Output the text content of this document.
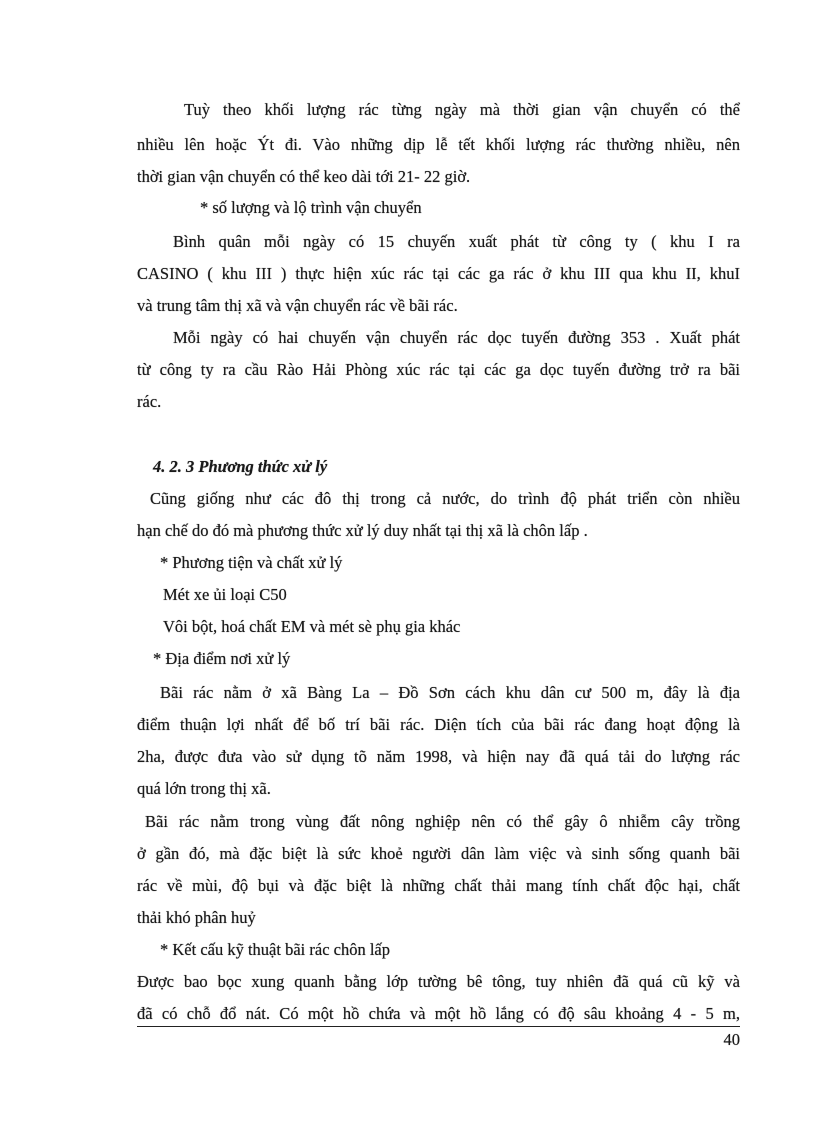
Tuỳ theo khối lượng rác từng ngày mà thời gian vận chuyển có thể
nhiều lên hoặc Ýt đi. Vào những dịp lễ tết khối lượng rác thường nhiều, nên
thời gian vận chuyển có thể keo dài tới 21- 22 giờ.
* số lượng và lộ trình vận chuyển
Bình quân mỗi ngày có 15 chuyến xuất phát từ công ty ( khu I ra
CASINO ( khu III ) thực hiện xúc rác tại các ga rác ở khu III qua khu II, khuI
và trung tâm thị xã và vận chuyển rác về bãi rác.
Mỗi ngày có hai chuyến vận chuyển rác dọc tuyến đường 353 . Xuất phát
từ công ty ra cầu Rào Hải Phòng xúc rác tại các ga dọc tuyến đường trở ra bãi
rác.
4. 2. 3 Phương thức xử lý
Cũng giống như các đô thị trong cả nước, do trình độ phát triển còn nhiều
hạn chế do đó mà phương thức xử lý duy nhất tại thị xã là chôn lấp .
* Phương tiện và chất xử lý
Mét xe ủi loại C50
Vôi bột, hoá chất EM và mét sè phụ gia khác
* Địa điểm nơi xử lý
Bãi rác nằm ở xã Bàng La – Đồ Sơn cách khu dân cư 500 m, đây là địa
điểm thuận lợi nhất để bố trí bãi rác. Diện tích của bãi rác đang hoạt động là
2ha, được đưa vào sử dụng tõ năm 1998, và hiện nay đã quá tải do lượng rác
quá lớn trong thị xã.
Bãi rác nằm trong vùng đất nông nghiệp nên có thể gây ô nhiễm cây trồng
ở gần đó, mà đặc biệt là sức khoẻ người dân làm việc và sinh sống quanh bãi
rác về mùi, độ bụi và đặc biệt là những chất thải mang tính chất độc hại, chất
thải khó phân huỷ
* Kết cấu kỹ thuật bãi rác chôn lấp
Được bao bọc xung quanh bằng lớp tường bê tông, tuy nhiên đã quá cũ kỹ và
đã có chỗ đổ nát. Có một hồ chứa và một hồ lắng có độ sâu khoảng 4 - 5 m,
40
